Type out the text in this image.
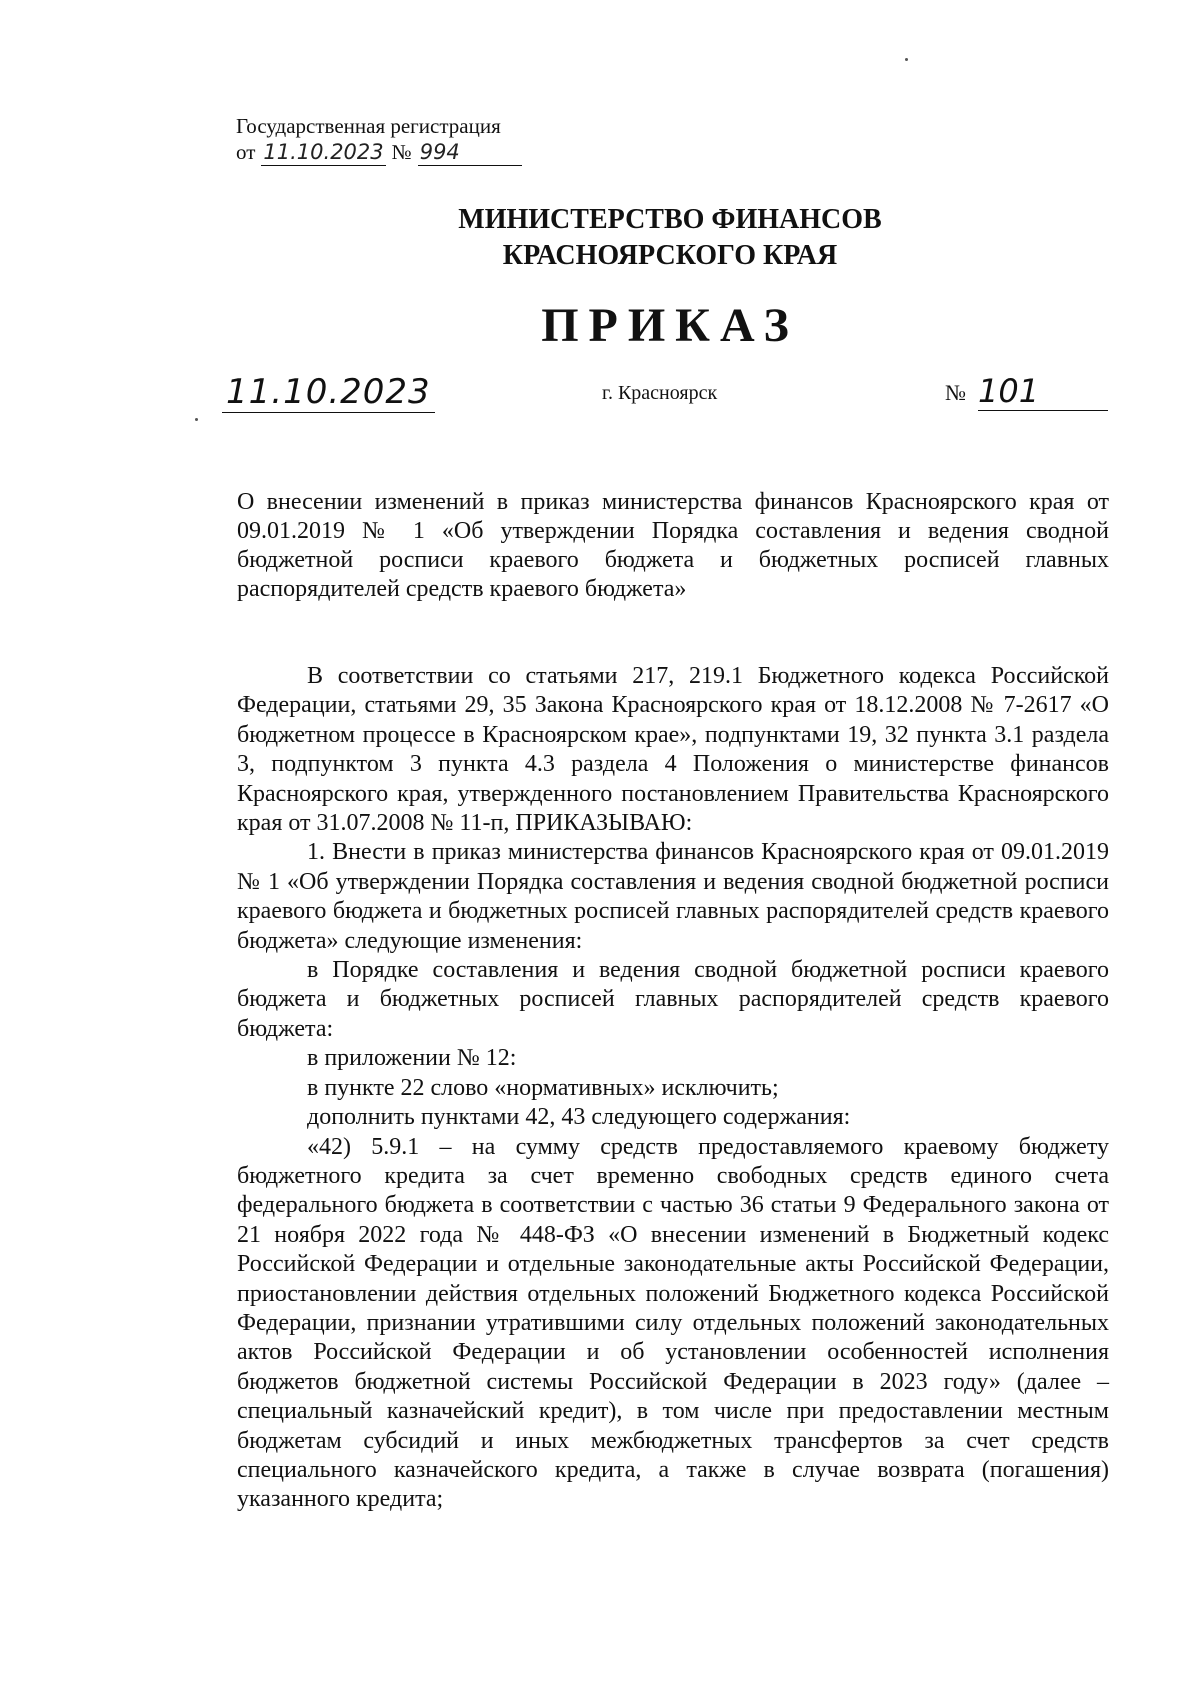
Государственная регистрация
от 11.10.2023 № 994
МИНИСТЕРСТВО ФИНАНСОВ
КРАСНОЯРСКОГО КРАЯ
ПРИКАЗ
11.10.2023	г. Красноярск	№ 101
О внесении изменений в приказ министерства финансов Красноярского края от 09.01.2019 № 1 «Об утверждении Порядка составления и ведения сводной бюджетной росписи краевого бюджета и бюджетных росписей главных распорядителей средств краевого бюджета»

В соответствии со статьями 217, 219.1 Бюджетного кодекса Российской Федерации, статьями 29, 35 Закона Красноярского края от 18.12.2008 № 7-2617 «О бюджетном процессе в Красноярском крае», подпунктами 19, 32 пункта 3.1 раздела 3, подпунктом 3 пункта 4.3 раздела 4 Положения о министерстве финансов Красноярского края, утвержденного постановлением Правительства Красноярского края от 31.07.2008 № 11-п, ПРИКАЗЫВАЮ:

1. Внести в приказ министерства финансов Красноярского края от 09.01.2019 № 1 «Об утверждении Порядка составления и ведения сводной бюджетной росписи краевого бюджета и бюджетных росписей главных распорядителей средств краевого бюджета» следующие изменения:

в Порядке составления и ведения сводной бюджетной росписи краевого бюджета и бюджетных росписей главных распорядителей средств краевого бюджета:

в приложении № 12:

в пункте 22 слово «нормативных» исключить;

дополнить пунктами 42, 43 следующего содержания:

«42) 5.9.1 – на сумму средств предоставляемого краевому бюджету бюджетного кредита за счет временно свободных средств единого счета федерального бюджета в соответствии с частью 36 статьи 9 Федерального закона от 21 ноября 2022 года № 448-ФЗ «О внесении изменений в Бюджетный кодекс Российской Федерации и отдельные законодательные акты Российской Федерации, приостановлении действия отдельных положений Бюджетного кодекса Российской Федерации, признании утратившими силу отдельных положений законодательных актов Российской Федерации и об установлении особенностей исполнения бюджетов бюджетной системы Российской Федерации в 2023 году» (далее – специальный казначейский кредит), в том числе при предоставлении местным бюджетам субсидий и иных межбюджетных трансфертов за счет средств специального казначейского кредита, а также в случае возврата (погашения) указанного кредита;
